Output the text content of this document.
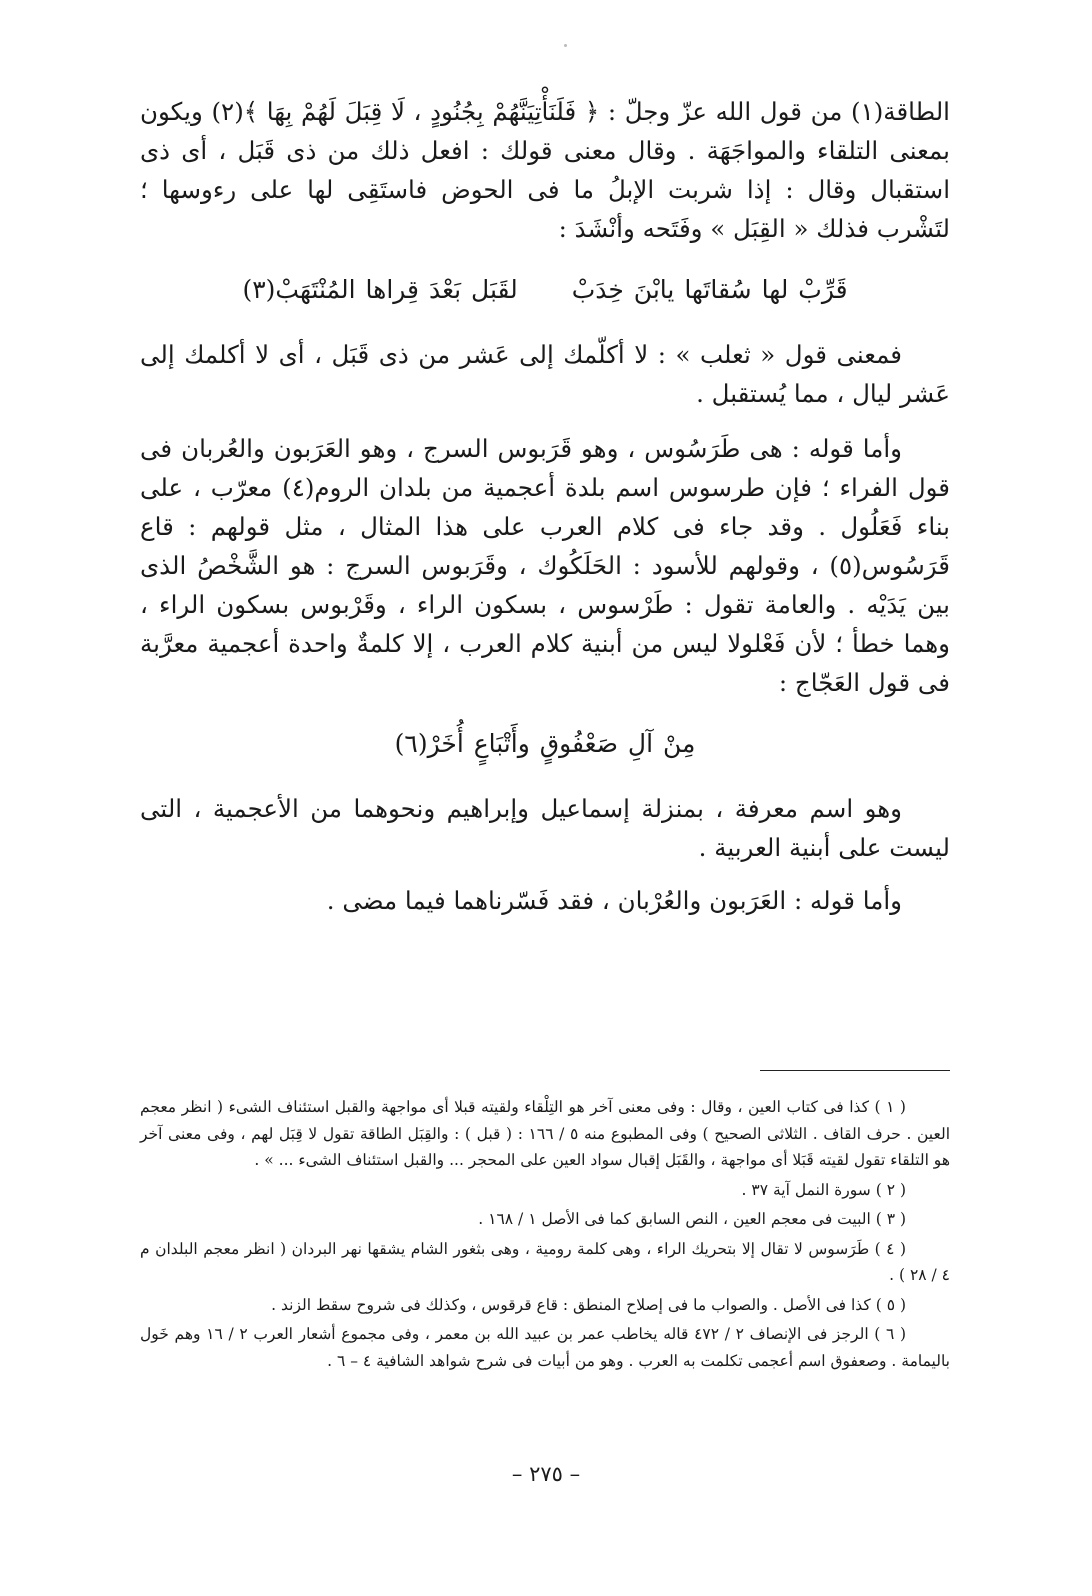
الطاقة(١) من قول الله عزّ وجلّ : ﴿ فَلَنَأْتِيَنَّهُمْ بِجُنُودٍ ، لَا قِبَلَ لَهُمْ بِهَا ﴾(٢) ويكون بمعنى التلقاء والمواجَهَة . وقال معنى قولك : افعل ذلك من ذى قَبَل ، أى ذى استقبال وقال : إذا شربت الإبلُ ما فى الحوض فاستَقِى لها على رءوسها ؛ لتَشْرب فذلك « القِبَل » وفَتَحه وأنْشَدَ :

قَرِّبْ لها سُقاتَها يابْنَ خِدَبْ لقَبَل بَعْدَ قِراها المُنْتَهَبْ(٣)

فمعنى قول « ثعلب » : لا أكلّمك إلى عَشر من ذى قَبَل ، أى لا أكلمك إلى عَشر ليال ، مما يُستقبل .

وأما قوله : هى طَرَسُوس ، وهو قَرَبوس السرج ، وهو العَرَبون والعُربان فى قول الفراء ؛ فإن طرسوس اسم بلدة أعجمية من بلدان الروم(٤) معرّب ، على بناء فَعَلُول . وقد جاء فى كلام العرب على هذا المثال ، مثل قولهم : قاع قَرَسُوس(٥) ، وقولهم للأسود : الحَلَكُوك ، وقَرَبوس السرج : هو الشَّخْصُ الذى بين يَدَيْه . والعامة تقول : طَرْسوس ، بسكون الراء ، وقَرْبوس بسكون الراء ، وهما خطأ ؛ لأن فَعْلولا ليس من أبنية كلام العرب ، إلا كلمةٌ واحدة أعجمية معرَّبة فى قول العَجّاج :

مِنْ آلِ صَعْفُوقٍ وأَتْبَاعٍ أُخَرْ(٦)

وهو اسم معرفة ، بمنزلة إسماعيل وإبراهيم ونحوهما من الأعجمية ، التى ليست على أبنية العربية .

وأما قوله : العَرَبون والعُرْبان ، فقد فَسّرناهما فيما مضى .

( ١ ) كذا فى كتاب العين ، وقال : وفى معنى آخر هو التِلْقاء ولقيته قبلا أى مواجهة والقبل استئناف الشىء ( انظر معجم العين . حرف القاف . الثلاثى الصحيح ) وفى المطبوع منه ٥ / ١٦٦ : ( قبل ) : والقِبَل الطاقة تقول لا قِبَل لهم ، وفى معنى آخر هو التلقاء تقول لقيته قَبَلا أى مواجهة ، والقَبَل إقبال سواد العين على المحجر ... والقبل استئناف الشىء ... » .

( ٢ ) سورة النمل آية ٣٧ .

( ٣ ) البيت فى معجم العين ، النص السابق كما فى الأصل ١ / ١٦٨ .

( ٤ ) طَرَسوس لا تقال إلا بتحريك الراء ، وهى كلمة رومية ، وهى بثغور الشام يشقها نهر البردان ( انظر معجم البلدان م ٤ / ٢٨ ) .

( ٥ ) كذا فى الأصل . والصواب ما فى إصلاح المنطق : قاع قرقوس ، وكذلك فى شروح سقط الزند .

( ٦ ) الرجز فى الإنصاف ٢ / ٤٧٢ قاله يخاطب عمر بن عبيد الله بن معمر ، وفى مجموع أشعار العرب ٢ / ١٦ وهم خَول باليمامة . وصعفوق اسم أعجمى تكلمت به العرب . وهو من أبيات فى شرح شواهد الشافية ٤ – ٦ .

– ٢٧٥ –
